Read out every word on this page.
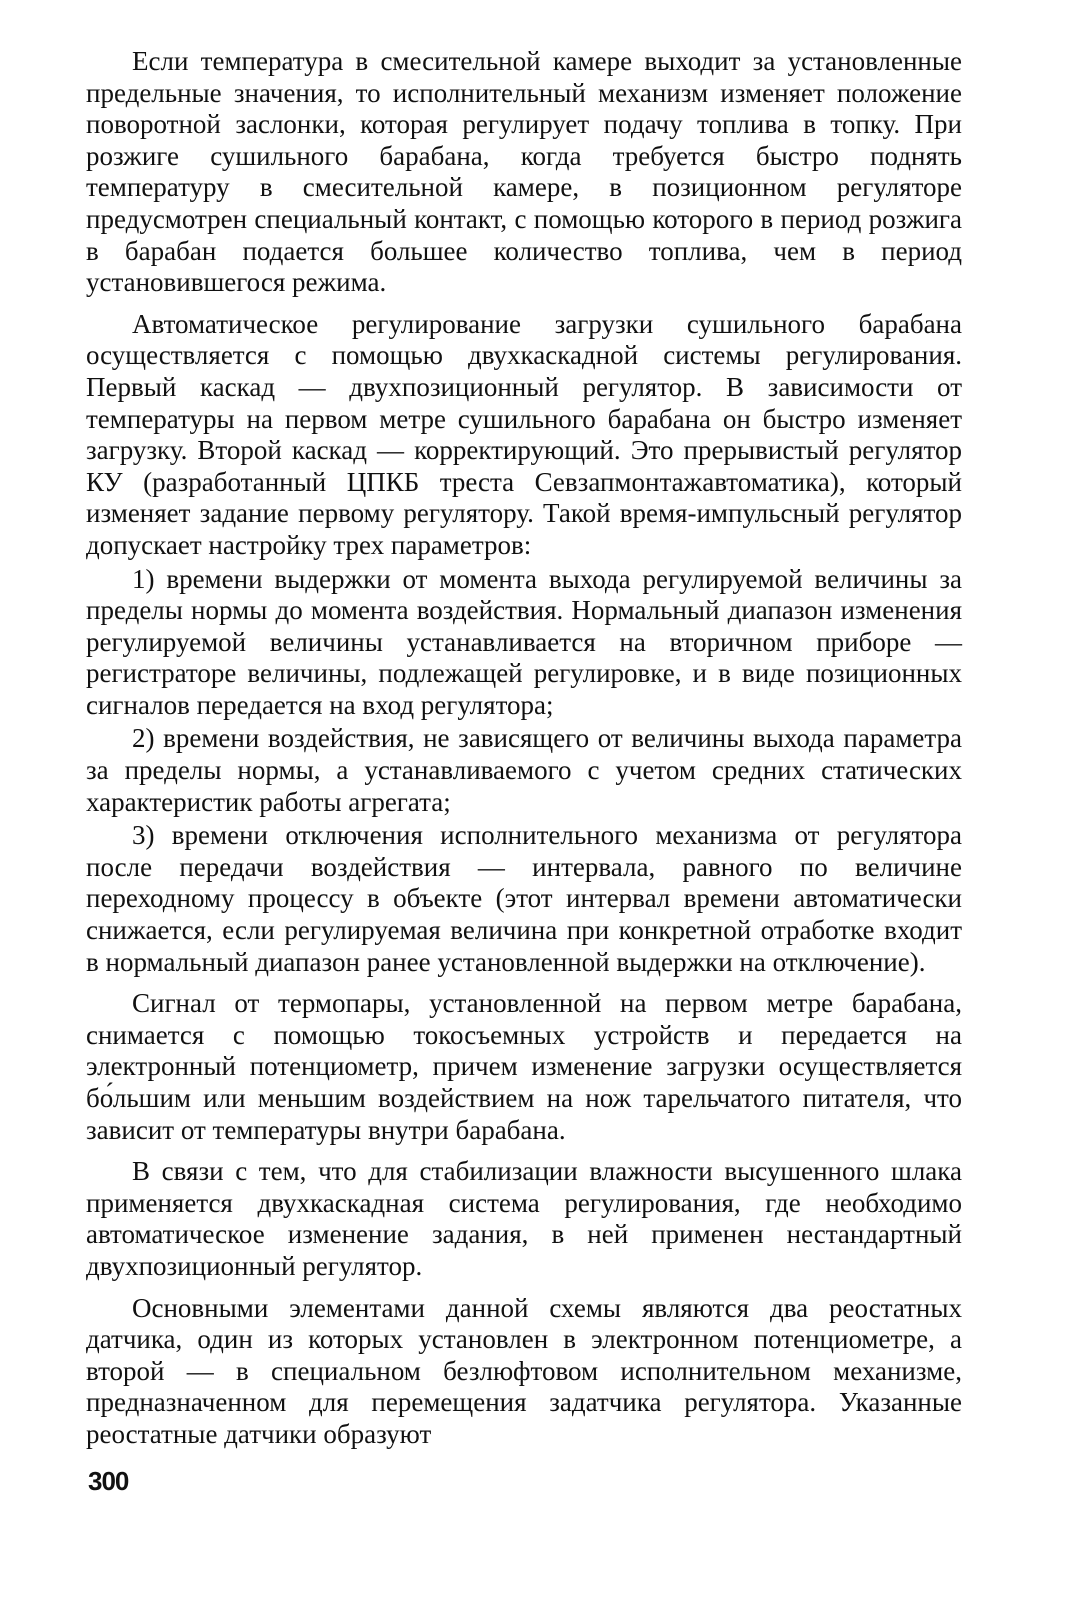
Если температура в смесительной камере выходит за установленные предельные значения, то исполнительный механизм изменяет положение поворотной заслонки, которая регулирует подачу топлива в топку. При розжиге сушильного барабана, когда требуется быстро поднять температуру в смесительной камере, в позиционном регуляторе предусмотрен специальный контакт, с помощью которого в период розжига в барабан подается большее количество топлива, чем в период установившегося режима.

Автоматическое регулирование загрузки сушильного барабана осуществляется с помощью двухкаскадной системы регулирования. Первый каскад — двухпозиционный регулятор. В зависимости от температуры на первом метре сушильного барабана он быстро изменяет загрузку. Второй каскад — корректирующий. Это прерывистый регулятор КУ (разработанный ЦПКБ треста Севзапмонтажавтоматика), который изменяет задание первому регулятору. Такой время-импульсный регулятор допускает настройку трех параметров:

1) времени выдержки от момента выхода регулируемой величины за пределы нормы до момента воздействия. Нормальный диапазон изменения регулируемой величины устанавливается на вторичном приборе — регистраторе величины, подлежащей регулировке, и в виде позиционных сигналов передается на вход регулятора;

2) времени воздействия, не зависящего от величины выхода параметра за пределы нормы, а устанавливаемого с учетом средних статических характеристик работы агрегата;

3) времени отключения исполнительного механизма от регулятора после передачи воздействия — интервала, равного по величине переходному процессу в объекте (этот интервал времени автоматически снижается, если регулируемая величина при конкретной отработке входит в нормальный диапазон ранее установленной выдержки на отключение).

Сигнал от термопары, установленной на первом метре барабана, снимается с помощью токосъемных устройств и передается на электронный потенциометр, причем изменение загрузки осуществляется бо́льшим или меньшим воздействием на нож тарельчатого питателя, что зависит от температуры внутри барабана.

В связи с тем, что для стабилизации влажности высушенного шлака применяется двухкаскадная система регулирования, где необходимо автоматическое изменение задания, в ней применен нестандартный двухпозиционный регулятор.

Основными элементами данной схемы являются два реостатных датчика, один из которых установлен в электронном потенциометре, а второй — в специальном безлюфтовом исполнительном механизме, предназначенном для перемещения задатчика регулятора. Указанные реостатные датчики образуют

300
